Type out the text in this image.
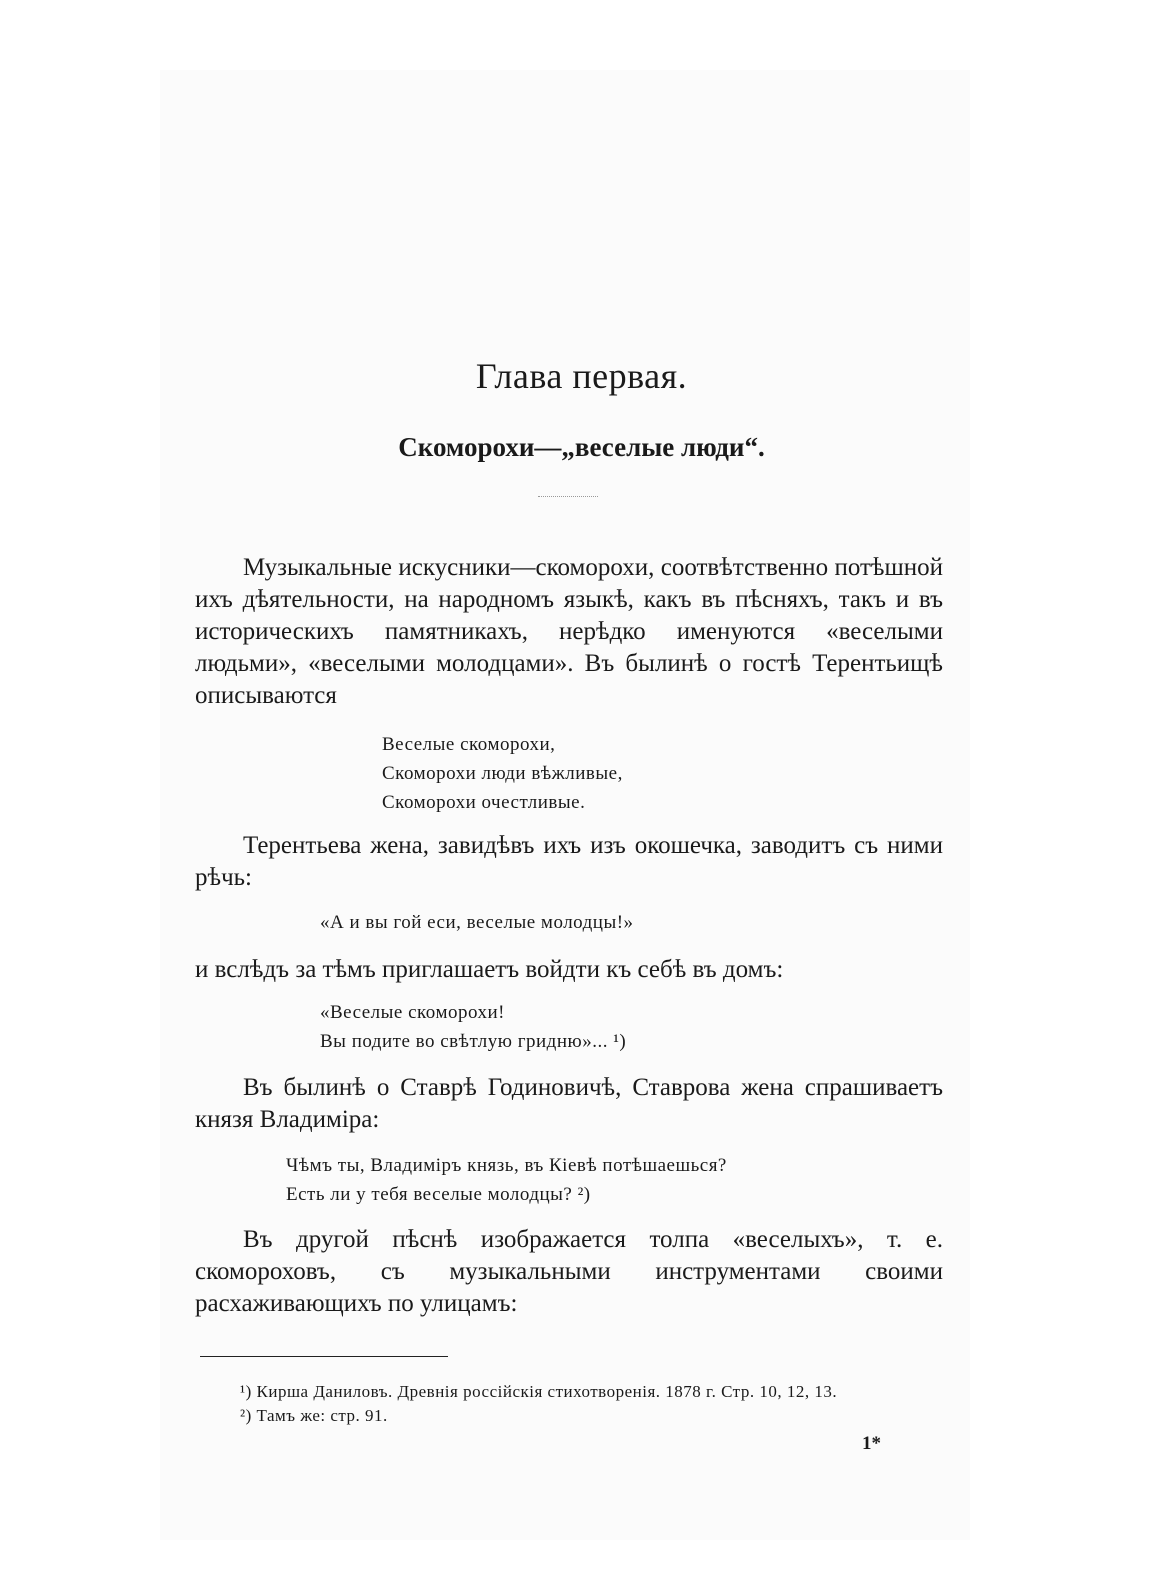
Глава первая.
Скоморохи—„веселые люди“.
Музыкальные искусники—скоморохи, соотвѣтственно потѣшной ихъ дѣятельности, на народномъ языкѣ, какъ въ пѣсняхъ, такъ и въ историческихъ памятникахъ, нерѣдко именуются «веселыми людьми», «веселыми молодцами». Въ былинѣ о гостѣ Терентьищѣ описываются
Веселые скоморохи,
Скоморохи люди вѣжливые,
Скоморохи очестливые.
Терентьева жена, завидѣвъ ихъ изъ окошечка, заводитъ съ ними рѣчь:
«А и вы гой еси, веселые молодцы!»
и вслѣдъ за тѣмъ приглашаетъ войдти къ себѣ въ домъ:
«Веселые скоморохи!
Вы подите во свѣтлую гридню»... ¹)
Въ былинѣ о Ставрѣ Годиновичѣ, Ставрова жена спрашиваетъ князя Владиміра:
Чѣмъ ты, Владиміръ князь, въ Кіевѣ потѣшаешься?
Есть ли у тебя веселые молодцы? ²)
Въ другой пѣснѣ изображается толпа «веселыхъ», т. е. скомороховъ, съ музыкальными инструментами своими расхаживающихъ по улицамъ:
¹) Кирша Даниловъ. Древнія россійскія стихотворенія. 1878 г. Стр. 10, 12, 13.
²) Тамъ же: стр. 91.
1*
